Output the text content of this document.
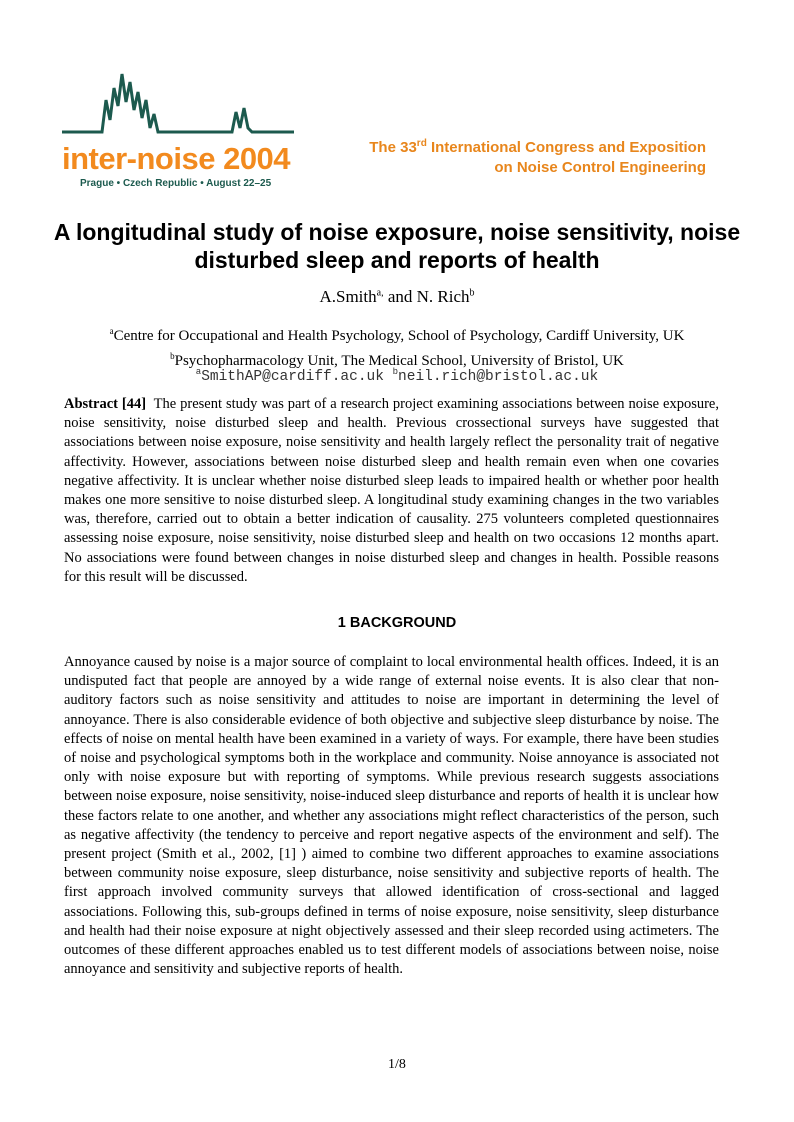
inter-noise 2004
Prague • Czech Republic • August 22–25
The 33rd International Congress and Exposition
on Noise Control Engineering
A longitudinal study of noise exposure, noise sensitivity, noise disturbed sleep and reports of health
A.Smith$^{a,}$ and N. Rich$^b$
$^a$Centre for Occupational and Health Psychology, School of Psychology, Cardiff University, UK
$^b$Psychopharmacology Unit, The Medical School, University of Bristol, UK
$^a$SmithAP@cardiff.ac.uk $^b$neil.rich@bristol.ac.uk
Abstract [44] The present study was part of a research project examining associations between noise exposure, noise sensitivity, noise disturbed sleep and health. Previous crossectional surveys have suggested that associations between noise exposure, noise sensitivity and health largely reflect the personality trait of negative affectivity. However, associations between noise disturbed sleep and health remain even when one covaries negative affectivity. It is unclear whether noise disturbed sleep leads to impaired health or whether poor health makes one more sensitive to noise disturbed sleep. A longitudinal study examining changes in the two variables was, therefore, carried out to obtain a better indication of causality. 275 volunteers completed questionnaires assessing noise exposure, noise sensitivity, noise disturbed sleep and health on two occasions 12 months apart. No associations were found between changes in noise disturbed sleep and changes in health. Possible reasons for this result will be discussed.
1 BACKGROUND
Annoyance caused by noise is a major source of complaint to local environmental health offices. Indeed, it is an undisputed fact that people are annoyed by a wide range of external noise events. It is also clear that non-auditory factors such as noise sensitivity and attitudes to noise are important in determining the level of annoyance. There is also considerable evidence of both objective and subjective sleep disturbance by noise. The effects of noise on mental health have been examined in a variety of ways. For example, there have been studies of noise and psychological symptoms both in the workplace and community. Noise annoyance is associated not only with noise exposure but with reporting of symptoms. While previous research suggests associations between noise exposure, noise sensitivity, noise-induced sleep disturbance and reports of health it is unclear how these factors relate to one another, and whether any associations might reflect characteristics of the person, such as negative affectivity (the tendency to perceive and report negative aspects of the environment and self). The present project (Smith et al., 2002, [1] ) aimed to combine two different approaches to examine associations between community noise exposure, sleep disturbance, noise sensitivity and subjective reports of health. The first approach involved community surveys that allowed identification of cross-sectional and lagged associations. Following this, sub-groups defined in terms of noise exposure, noise sensitivity, sleep disturbance and health had their noise exposure at night objectively assessed and their sleep recorded using actimeters. The outcomes of these different approaches enabled us to test different models of associations between noise, noise annoyance and sensitivity and subjective reports of health.
1/8
